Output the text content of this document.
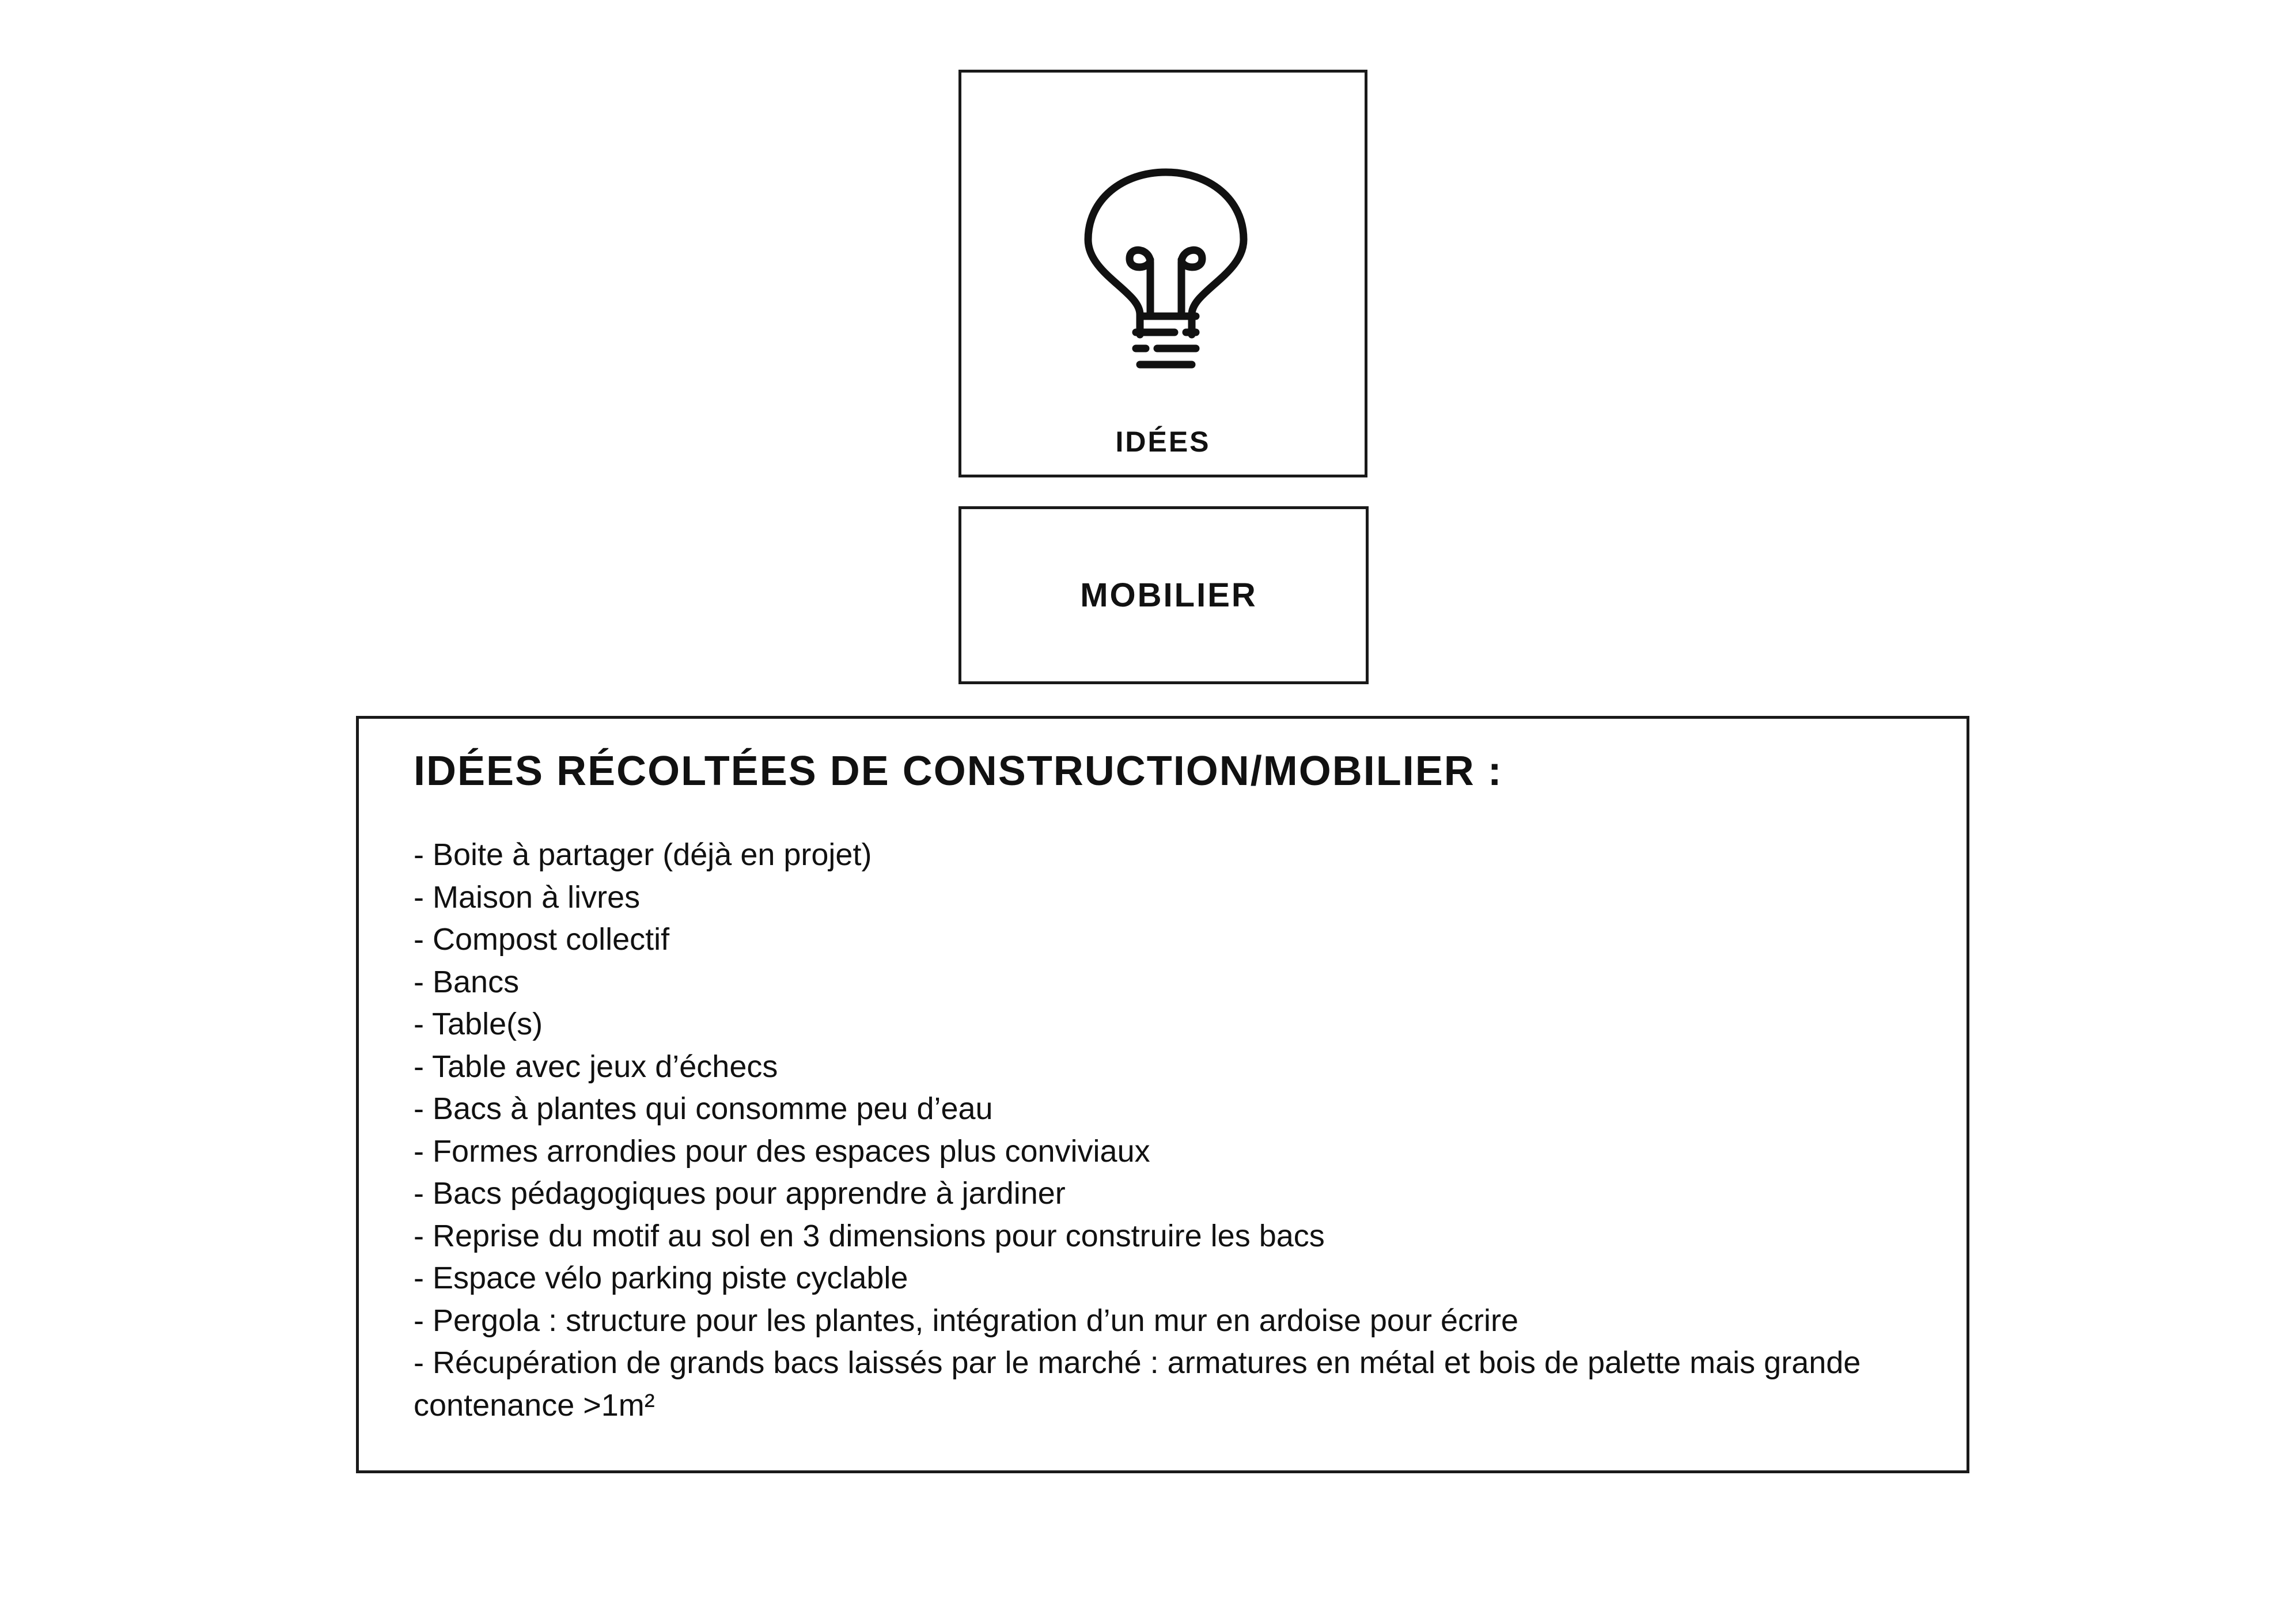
IDÉES
MOBILIER
IDÉES RÉCOLTÉES DE CONSTRUCTION/MOBILIER :
- Boite à partager (déjà en projet)
- Maison à livres
- Compost collectif
- Bancs
- Table(s)
- Table avec jeux d’échecs
- Bacs à plantes qui consomme peu d’eau
- Formes arrondies pour des espaces plus conviviaux
- Bacs pédagogiques pour apprendre à jardiner
- Reprise du motif au sol en 3 dimensions pour construire les bacs
- Espace vélo parking piste cyclable
- Pergola : structure pour les plantes, intégration d’un mur en ardoise pour écrire
- Récupération de grands bacs laissés par le marché : armatures en métal et bois de palette mais grande contenance >1m²
